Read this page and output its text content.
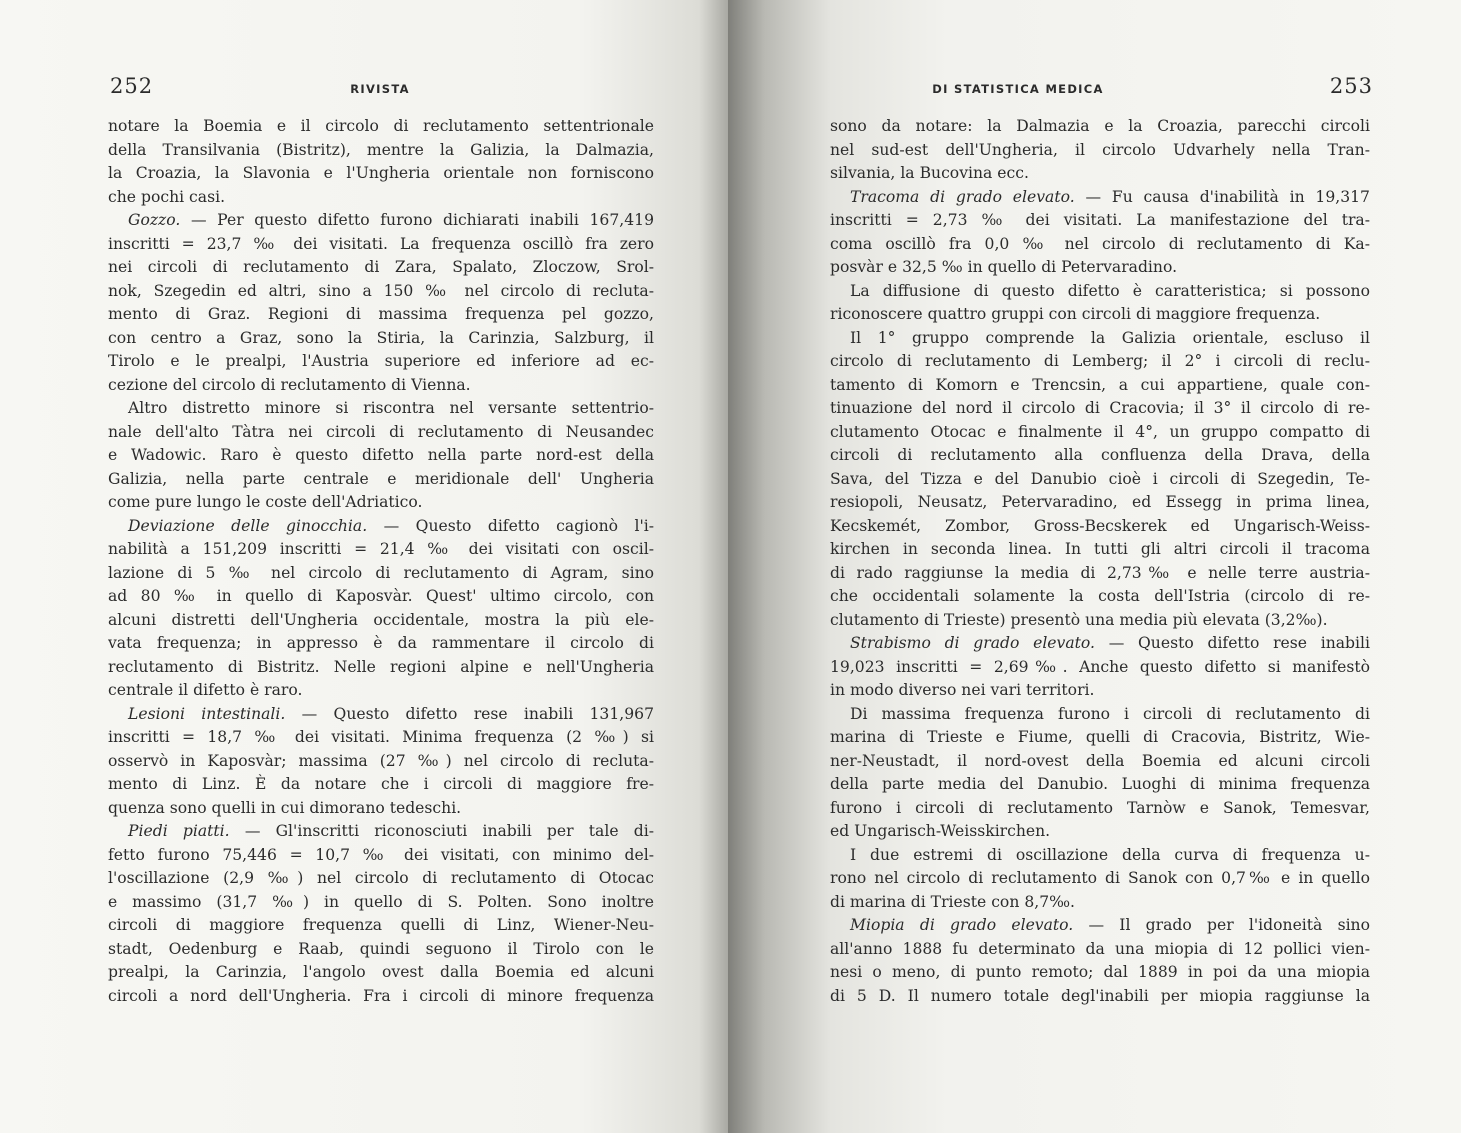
252	RIVISTA
notare la Boemia e il circolo di reclutamento settentrionale
della Transilvania (Bistritz), mentre la Galizia, la Dalmazia,
la Croazia, la Slavonia e l'Ungheria orientale non forniscono
che pochi casi.
Gozzo. — Per questo difetto furono dichiarati inabili 167,419
inscritti = 23,7 ‰ dei visitati. La frequenza oscillò fra zero
nei circoli di reclutamento di Zara, Spalato, Zloczow, Srol-
nok, Szegedin ed altri, sino a 150 ‰ nel circolo di recluta-
mento di Graz. Regioni di massima frequenza pel gozzo,
con centro a Graz, sono la Stiria, la Carinzia, Salzburg, il
Tirolo e le prealpi, l'Austria superiore ed inferiore ad ec-
cezione del circolo di reclutamento di Vienna.
Altro distretto minore si riscontra nel versante settentrio-
nale dell'alto Tàtra nei circoli di reclutamento di Neusandec
e Wadowic. Raro è questo difetto nella parte nord-est della
Galizia, nella parte centrale e meridionale dell' Ungheria
come pure lungo le coste dell'Adriatico.
Deviazione delle ginocchia. — Questo difetto cagionò l'i-
nabilità a 151,209 inscritti = 21,4 ‰ dei visitati con oscil-
lazione di 5 ‰ nel circolo di reclutamento di Agram, sino
ad 80 ‰ in quello di Kaposvàr. Quest' ultimo circolo, con
alcuni distretti dell'Ungheria occidentale, mostra la più ele-
vata frequenza; in appresso è da rammentare il circolo di
reclutamento di Bistritz. Nelle regioni alpine e nell'Ungheria
centrale il difetto è raro.
Lesioni intestinali. — Questo difetto rese inabili 131,967
inscritti = 18,7 ‰ dei visitati. Minima frequenza (2 ‰) si
osservò in Kaposvàr; massima (27 ‰) nel circolo di recluta-
mento di Linz. È da notare che i circoli di maggiore fre-
quenza sono quelli in cui dimorano tedeschi.
Piedi piatti. — Gl'inscritti riconosciuti inabili per tale di-
fetto furono 75,446 = 10,7 ‰ dei visitati, con minimo del-
l'oscillazione (2,9 ‰) nel circolo di reclutamento di Otocac
e massimo (31,7 ‰) in quello di S. Polten. Sono inoltre
circoli di maggiore frequenza quelli di Linz, Wiener-Neu-
stadt, Oedenburg e Raab, quindi seguono il Tirolo con le
prealpi, la Carinzia, l'angolo ovest dalla Boemia ed alcuni
circoli a nord dell'Ungheria. Fra i circoli di minore frequenza
DI STATISTICA MEDICA	253
sono da notare: la Dalmazia e la Croazia, parecchi circoli
nel sud-est dell'Ungheria, il circolo Udvarhely nella Tran-
silvania, la Bucovina ecc.
Tracoma di grado elevato. — Fu causa d'inabilità in 19,317
inscritti = 2,73 ‰ dei visitati. La manifestazione del tra-
coma oscillò fra 0,0 ‰ nel circolo di reclutamento di Ka-
posvàr e 32,5 ‰ in quello di Petervaradino.
La diffusione di questo difetto è caratteristica; si possono
riconoscere quattro gruppi con circoli di maggiore frequenza.
Il 1° gruppo comprende la Galizia orientale, escluso il
circolo di reclutamento di Lemberg; il 2° i circoli di reclu-
tamento di Komorn e Trencsin, a cui appartiene, quale con-
tinuazione del nord il circolo di Cracovia; il 3° il circolo di re-
clutamento Otocac e finalmente il 4°, un gruppo compatto di
circoli di reclutamento alla confluenza della Drava, della
Sava, del Tizza e del Danubio cioè i circoli di Szegedin, Te-
resiopoli, Neusatz, Petervaradino, ed Essegg in prima linea,
Kecskemét, Zombor, Gross-Becskerek ed Ungarisch-Weiss-
kirchen in seconda linea. In tutti gli altri circoli il tracoma
di rado raggiunse la media di 2,73‰ e nelle terre austria-
che occidentali solamente la costa dell'Istria (circolo di re-
clutamento di Trieste) presentò una media più elevata (3,2‰).
Strabismo di grado elevato. — Questo difetto rese inabili
19,023 inscritti = 2,69‰. Anche questo difetto si manifestò
in modo diverso nei vari territori.
Di massima frequenza furono i circoli di reclutamento di
marina di Trieste e Fiume, quelli di Cracovia, Bistritz, Wie-
ner-Neustadt, il nord-ovest della Boemia ed alcuni circoli
della parte media del Danubio. Luoghi di minima frequenza
furono i circoli di reclutamento Tarnòw e Sanok, Temesvar,
ed Ungarisch-Weisskirchen.
I due estremi di oscillazione della curva di frequenza u-
rono nel circolo di reclutamento di Sanok con 0,7‰ e in quello
di marina di Trieste con 8,7‰.
Miopia di grado elevato. — Il grado per l'idoneità sino
all'anno 1888 fu determinato da una miopia di 12 pollici vien-
nesi o meno, di punto remoto; dal 1889 in poi da una miopia
di 5 D. Il numero totale degl'inabili per miopia raggiunse la
